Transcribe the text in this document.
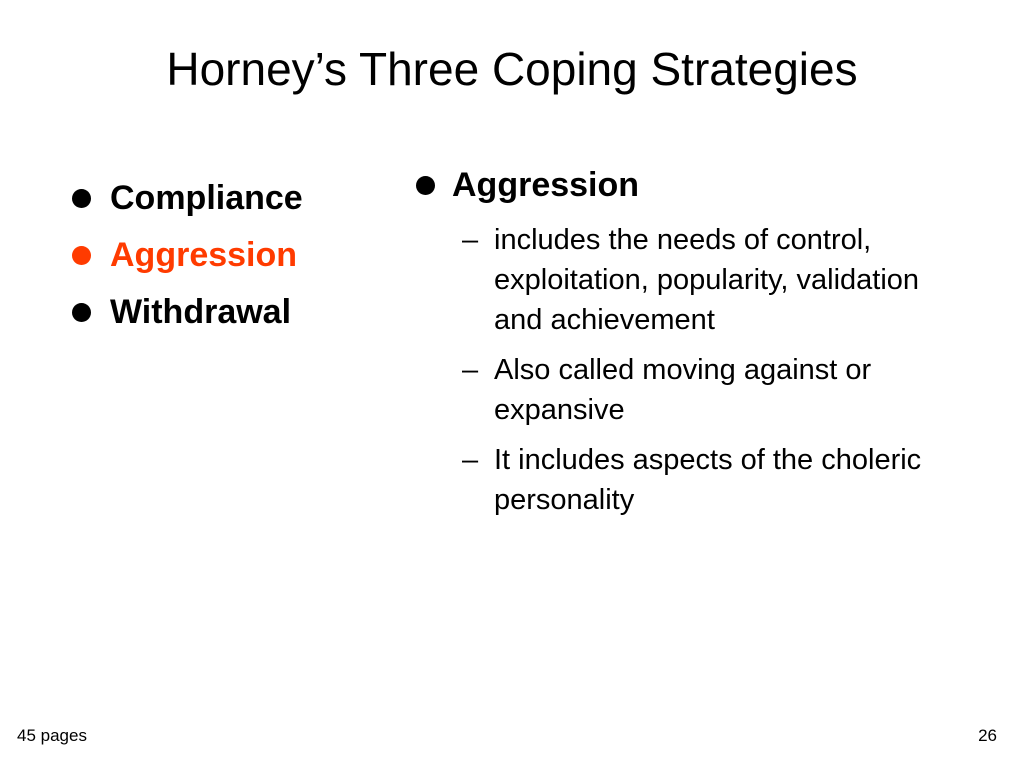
Horney’s Three Coping Strategies
Compliance
Aggression
Withdrawal
Aggression
– includes the needs of control, exploitation, popularity, validation and achievement
– Also called moving against or expansive
– It includes aspects of the choleric personality
45 pages	26
